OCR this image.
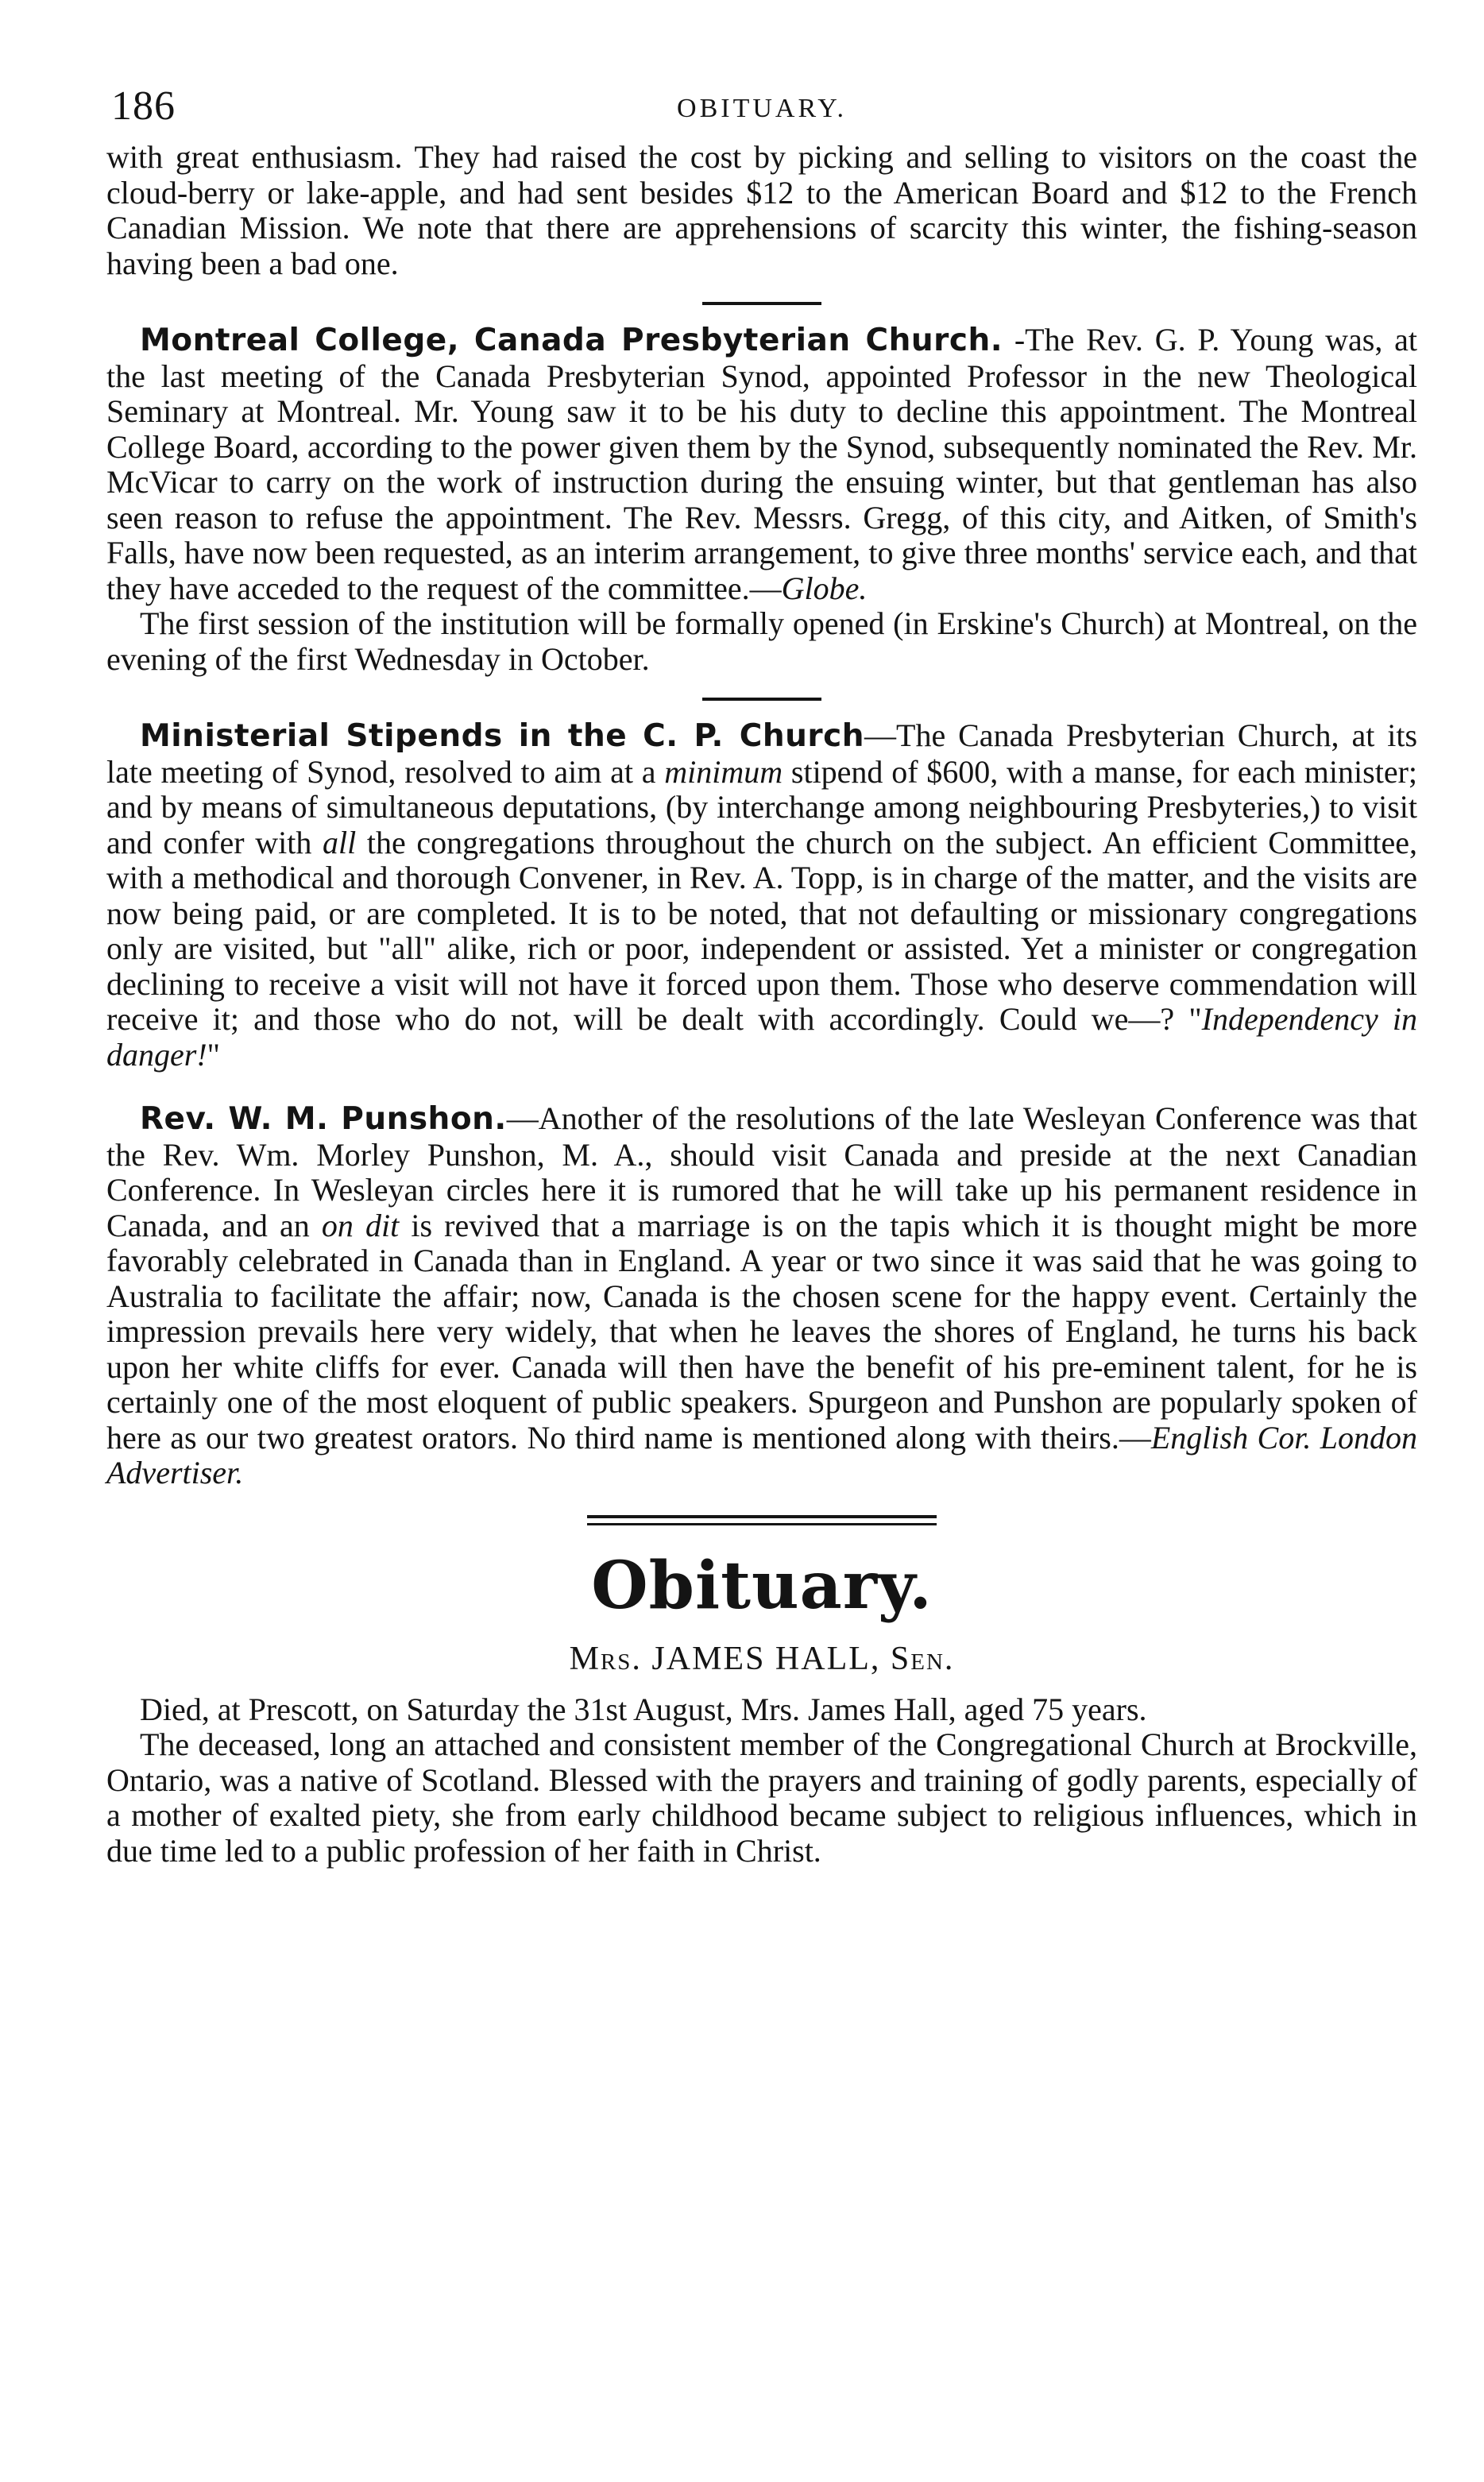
186	OBITUARY.

with great enthusiasm. They had raised the cost by picking and selling to visitors on the coast the cloud-berry or lake-apple, and had sent besides $12 to the American Board and $12 to the French Canadian Mission. We note that there are apprehensions of scarcity this winter, the fishing-season having been a bad one.

Montreal College, Canada Presbyterian Church. -The Rev. G. P. Young was, at the last meeting of the Canada Presbyterian Synod, appointed Professor in the new Theological Seminary at Montreal. Mr. Young saw it to be his duty to decline this appointment. The Montreal College Board, according to the power given them by the Synod, subsequently nominated the Rev. Mr. McVicar to carry on the work of instruction during the ensuing winter, but that gentleman has also seen reason to refuse the appointment. The Rev. Messrs. Gregg, of this city, and Aitken, of Smith's Falls, have now been requested, as an interim arrangement, to give three months' service each, and that they have acceded to the request of the committee.—Globe.

The first session of the institution will be formally opened (in Erskine's Church) at Montreal, on the evening of the first Wednesday in October.

Ministerial Stipends in the C. P. Church—The Canada Presbyterian Church, at its late meeting of Synod, resolved to aim at a minimum stipend of $600, with a manse, for each minister; and by means of simultaneous deputations, (by interchange among neighbouring Presbyteries,) to visit and confer with all the congregations throughout the church on the subject. An efficient Committee, with a methodical and thorough Convener, in Rev. A. Topp, is in charge of the matter, and the visits are now being paid, or are completed. It is to be noted, that not defaulting or missionary congregations only are visited, but "all" alike, rich or poor, independent or assisted. Yet a minister or congregation declining to receive a visit will not have it forced upon them. Those who deserve commendation will receive it; and those who do not, will be dealt with accordingly. Could we—? "Independency in danger!"

Rev. W. M. Punshon.—Another of the resolutions of the late Wesleyan Conference was that the Rev. Wm. Morley Punshon, M. A., should visit Canada and preside at the next Canadian Conference. In Wesleyan circles here it is rumored that he will take up his permanent residence in Canada, and an on dit is revived that a marriage is on the tapis which it is thought might be more favorably celebrated in Canada than in England. A year or two since it was said that he was going to Australia to facilitate the affair; now, Canada is the chosen scene for the happy event. Certainly the impression prevails here very widely, that when he leaves the shores of England, he turns his back upon her white cliffs for ever. Canada will then have the benefit of his pre-eminent talent, for he is certainly one of the most eloquent of public speakers. Spurgeon and Punshon are popularly spoken of here as our two greatest orators. No third name is mentioned along with theirs.—English Cor. London Advertiser.

Obituary.
Mrs. JAMES HALL, Sen.

Died, at Prescott, on Saturday the 31st August, Mrs. James Hall, aged 75 years.

The deceased, long an attached and consistent member of the Congregational Church at Brockville, Ontario, was a native of Scotland. Blessed with the prayers and training of godly parents, especially of a mother of exalted piety, she from early childhood became subject to religious influences, which in due time led to a public profession of her faith in Christ.
